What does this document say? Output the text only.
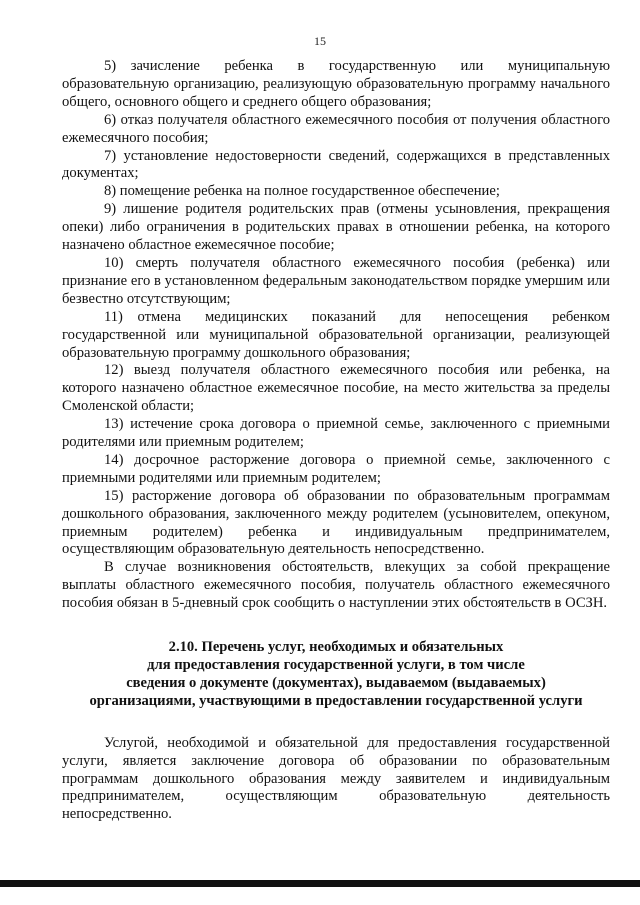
15

5) зачисление ребенка в государственную или муниципальную образовательную организацию, реализующую образовательную программу начального общего, основного общего и среднего общего образования;

6) отказ получателя областного ежемесячного пособия от получения областного ежемесячного пособия;

7) установление недостоверности сведений, содержащихся в представленных документах;

8) помещение ребенка на полное государственное обеспечение;

9) лишение родителя родительских прав (отмены усыновления, прекращения опеки) либо ограничения в родительских правах в отношении ребенка, на которого назначено областное ежемесячное пособие;

10) смерть получателя областного ежемесячного пособия (ребенка) или признание его в установленном федеральным законодательством порядке умершим или безвестно отсутствующим;

11) отмена медицинских показаний для непосещения ребенком государственной или муниципальной образовательной организации, реализующей образовательную программу дошкольного образования;

12) выезд получателя областного ежемесячного пособия или ребенка, на которого назначено областное ежемесячное пособие, на место жительства за пределы Смоленской области;

13) истечение срока договора о приемной семье, заключенного с приемными родителями или приемным родителем;

14) досрочное расторжение договора о приемной семье, заключенного с приемными родителями или приемным родителем;

15) расторжение договора об образовании по образовательным программам дошкольного образования, заключенного между родителем (усыновителем, опекуном, приемным родителем) ребенка и индивидуальным предпринимателем, осуществляющим образовательную деятельность непосредственно.

В случае возникновения обстоятельств, влекущих за собой прекращение выплаты областного ежемесячного пособия, получатель областного ежемесячного пособия обязан в 5-дневный срок сообщить о наступлении этих обстоятельств в ОСЗН.

2.10. Перечень услуг, необходимых и обязательных
для предоставления государственной услуги, в том числе
сведения о документе (документах), выдаваемом (выдаваемых)
организациями, участвующими в предоставлении государственной услуги

Услугой, необходимой и обязательной для предоставления государственной услуги, является заключение договора об образовании по образовательным программам дошкольного образования между заявителем и индивидуальным предпринимателем, осуществляющим образовательную деятельность непосредственно.
